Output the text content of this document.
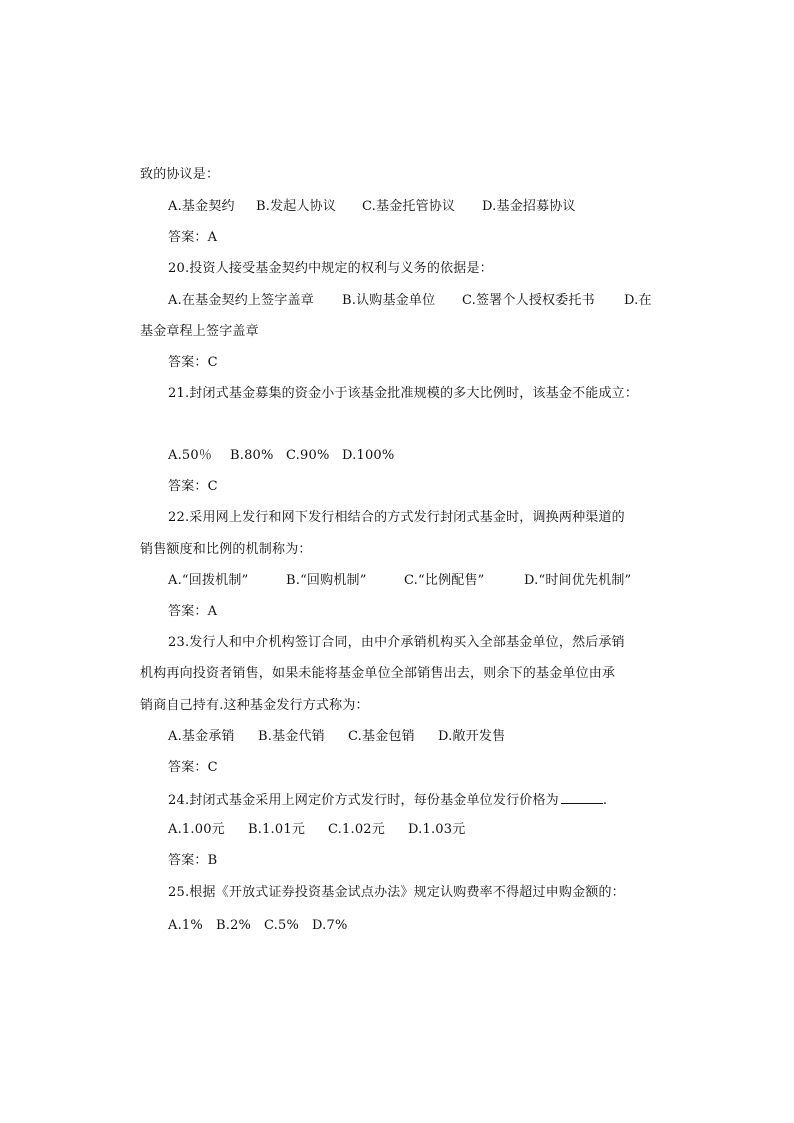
致的协议是：
A.基金契约 B.发起人协议 C.基金托管协议 D.基金招募协议
答案：A
20.投资人接受基金契约中规定的权利与义务的依据是：
A.在基金契约上签字盖章 B.认购基金单位 C.签署个人授权委托书 D.在
基金章程上签字盖章
答案：C
21.封闭式基金募集的资金小于该基金批准规模的多大比例时，该基金不能成立：
A.50％ B.80% C.90% D.100%
答案：C
22.采用网上发行和网下发行相结合的方式发行封闭式基金时，调换两种渠道的
销售额度和比例的机制称为：
A.“回拨机制”	B.“回购机制”	C.“比例配售”	D.“时间优先机制”
答案：A
23.发行人和中介机构签订合同，由中介承销机构买入全部基金单位，然后承销
机构再向投资者销售，如果未能将基金单位全部销售出去，则余下的基金单位由承
销商自己持有.这种基金发行方式称为：
A.基金承销 B.基金代销 C.基金包销 D.敞开发售
答案：C
24.封闭式基金采用上网定价方式发行时，每份基金单位发行价格为	.
A.1.00元 B.1.01元 C.1.02元 D.1.03元
答案：B
25.根据《开放式证券投资基金试点办法》规定认购费率不得超过申购金额的：
A.1% B.2% C.5% D.7%
